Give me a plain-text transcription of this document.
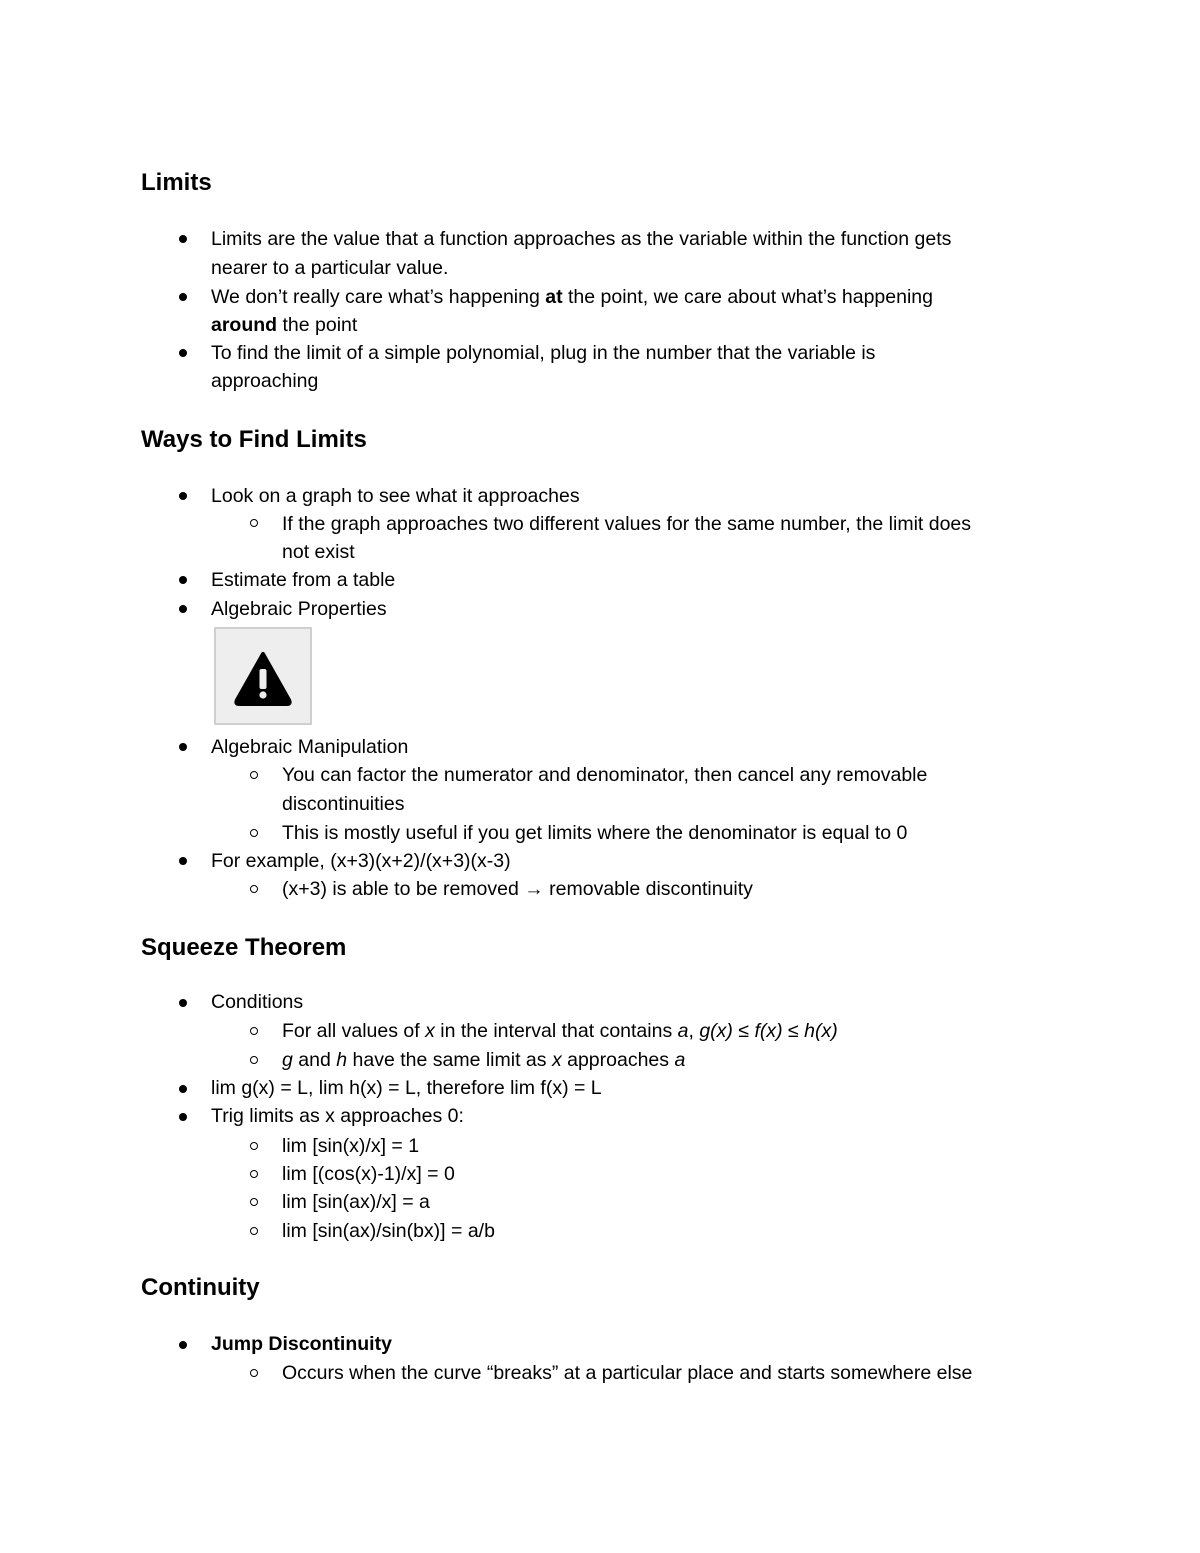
Limits

Limits are the value that a function approaches as the variable within the function gets

nearer to a particular value.

We don’t really care what’s happening at the point, we care about what’s happening

around the point

To find the limit of a simple polynomial, plug in the number that the variable is

approaching

Ways to Find Limits

Look on a graph to see what it approaches

If the graph approaches two different values for the same number, the limit does

not exist

Estimate from a table

Algebraic Properties

Algebraic Manipulation

You can factor the numerator and denominator, then cancel any removable

discontinuities

This is mostly useful if you get limits where the denominator is equal to 0

For example, (x+3)(x+2)/(x+3)(x-3)

(x+3) is able to be removed → removable discontinuity

Squeeze Theorem

Conditions

For all values of x in the interval that contains a, g(x) ≤ f(x) ≤ h(x)

g and h have the same limit as x approaches a

lim g(x) = L, lim h(x) = L, therefore lim f(x) = L

Trig limits as x approaches 0:

lim [sin(x)/x] = 1

lim [(cos(x)-1)/x] = 0

lim [sin(ax)/x] = a

lim [sin(ax)/sin(bx)] = a/b

Continuity

Jump Discontinuity

Occurs when the curve “breaks” at a particular place and starts somewhere else
